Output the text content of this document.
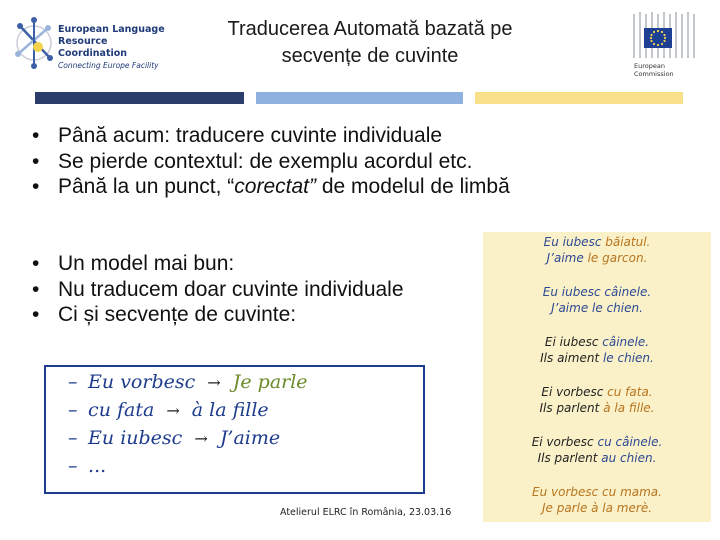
European Language
Resource Coordination
Connecting Europe Facility
Traducerea Automată bazată pe secvențe de cuvinte	European
Commission
• Până acum: traducere cuvinte individuale
• Se pierde contextul: de exemplu acordul etc.
• Până la un punct, “corectat” de modelul de limbă
• Un model mai bun:
• Nu traducem doar cuvinte individuale
• Ci și secvențe de cuvinte:
– Eu vorbesc → Je parle
– cu fata → à la fille
– Eu iubesc → J’aime
– ...
Atelierul ELRC în România, 23.03.16
Eu iubesc băiatul.
J’aime le garcon.
Eu iubesc câinele.
J’aime le chien.
Ei iubesc câinele.
Ils aiment le chien.
Ei vorbesc cu fata.
Ils parlent à la fille.
Ei vorbesc cu câinele.
Ils parlent au chien.
Eu vorbesc cu mama.
Je parle à la merè.
